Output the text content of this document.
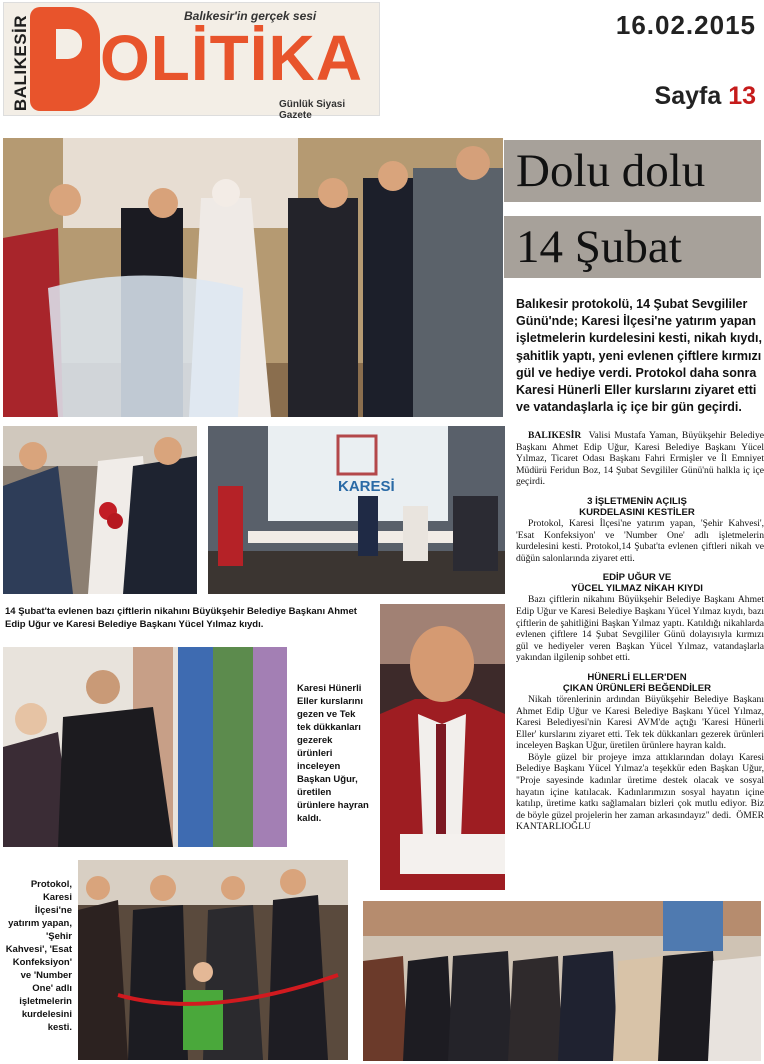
BALIKESİR OLİTİKA
Balıkesir'in gerçek sesi
Günlük Siyasi Gazete
16.02.2015
Sayfa 13
Dolu dolu
14 Şubat
Balıkesir protokolü, 14 Şubat Sevgililer Günü'nde; Karesi İlçesi'ne yatırım yapan işletmelerin kurdelesini kesti, nikah kıydı, şahitlik yaptı, yeni evlenen çiftlere kırmızı gül ve hediye verdi. Protokol daha sonra Karesi Hünerli Eller kurslarını ziyaret etti ve vatandaşlarla iç içe bir gün geçirdi.
KARESİ
14 Şubat'ta evlenen bazı çiftlerin nikahını Büyükşehir Belediye Başkanı Ahmet Edip Uğur ve Karesi Belediye Başkanı Yücel Yılmaz kıydı.
Karesi Hünerli Eller kurslarını gezen ve Tek tek dükkanları gezerek ürünleri inceleyen Başkan Uğur, üretilen ürünlere hayran kaldı.
Protokol, Karesi İlçesi'ne yatırım yapan, 'Şehir Kahvesi', 'Esat Konfeksiyon' ve 'Number One' adlı işletmelerin kurdelesini kesti.

BALIKESİR Valisi Mustafa Yaman, Büyükşehir Belediye Başkanı Ahmet Edip Uğur, Karesi Belediye Başkanı Yücel Yılmaz, Ticaret Odası Başkanı Fahri Ermişler ve İl Emniyet Müdürü Feridun Boz, 14 Şubat Sevgililer Günü'nü halkla iç içe geçirdi.

3 İŞLETMENİN AÇILIŞ
KURDELASINI KESTİLER

Protokol, Karesi İlçesi'ne yatırım yapan, 'Şehir Kahvesi', 'Esat Konfeksiyon' ve 'Number One' adlı işletmelerin kurdelesini kesti. Protokol,14 Şubat'ta evlenen çiftleri nikah ve düğün salonlarında ziyaret etti.

EDİP UĞUR VE
YÜCEL YILMAZ NİKAH KIYDI

Bazı çiftlerin nikahını Büyükşehir Belediye Başkanı Ahmet Edip Uğur ve Karesi Belediye Başkanı Yücel Yılmaz kıydı, bazı çiftlerin de şahitliğini Başkan Yılmaz yaptı. Katıldığı nikahlarda evlenen çiftlere 14 Şubat Sevgililer Günü dolayısıyla kırmızı gül ve hediyeler veren Başkan Yücel Yılmaz, vatandaşlarla yakından ilgilenip sohbet etti.

HÜNERLİ ELLER'DEN
ÇIKAN ÜRÜNLERİ BEĞENDİLER

Nikah törenlerinin ardından Büyükşehir Belediye Başkanı Ahmet Edip Uğur ve Karesi Belediye Başkanı Yücel Yılmaz, Karesi Belediyesi'nin Karesi AVM'de açtığı 'Karesi Hünerli Eller' kurslarını ziyaret etti. Tek tek dükkanları gezerek ürünleri inceleyen Başkan Uğur, üretilen ürünlere hayran kaldı.

Böyle güzel bir projeye imza attıklarından dolayı Karesi Belediye Başkanı Yücel Yılmaz'a teşekkür eden Başkan Uğur, "Proje sayesinde kadınlar üretime destek olacak ve sosyal hayatın içine katılacak. Kadınlarımızın sosyal hayatın içine katılıp, üretime katkı sağlamaları bizleri çok mutlu ediyor. Biz de böyle güzel projelerin her zaman arkasındayız" dedi. ÖMER KANTARLIOĞLU
